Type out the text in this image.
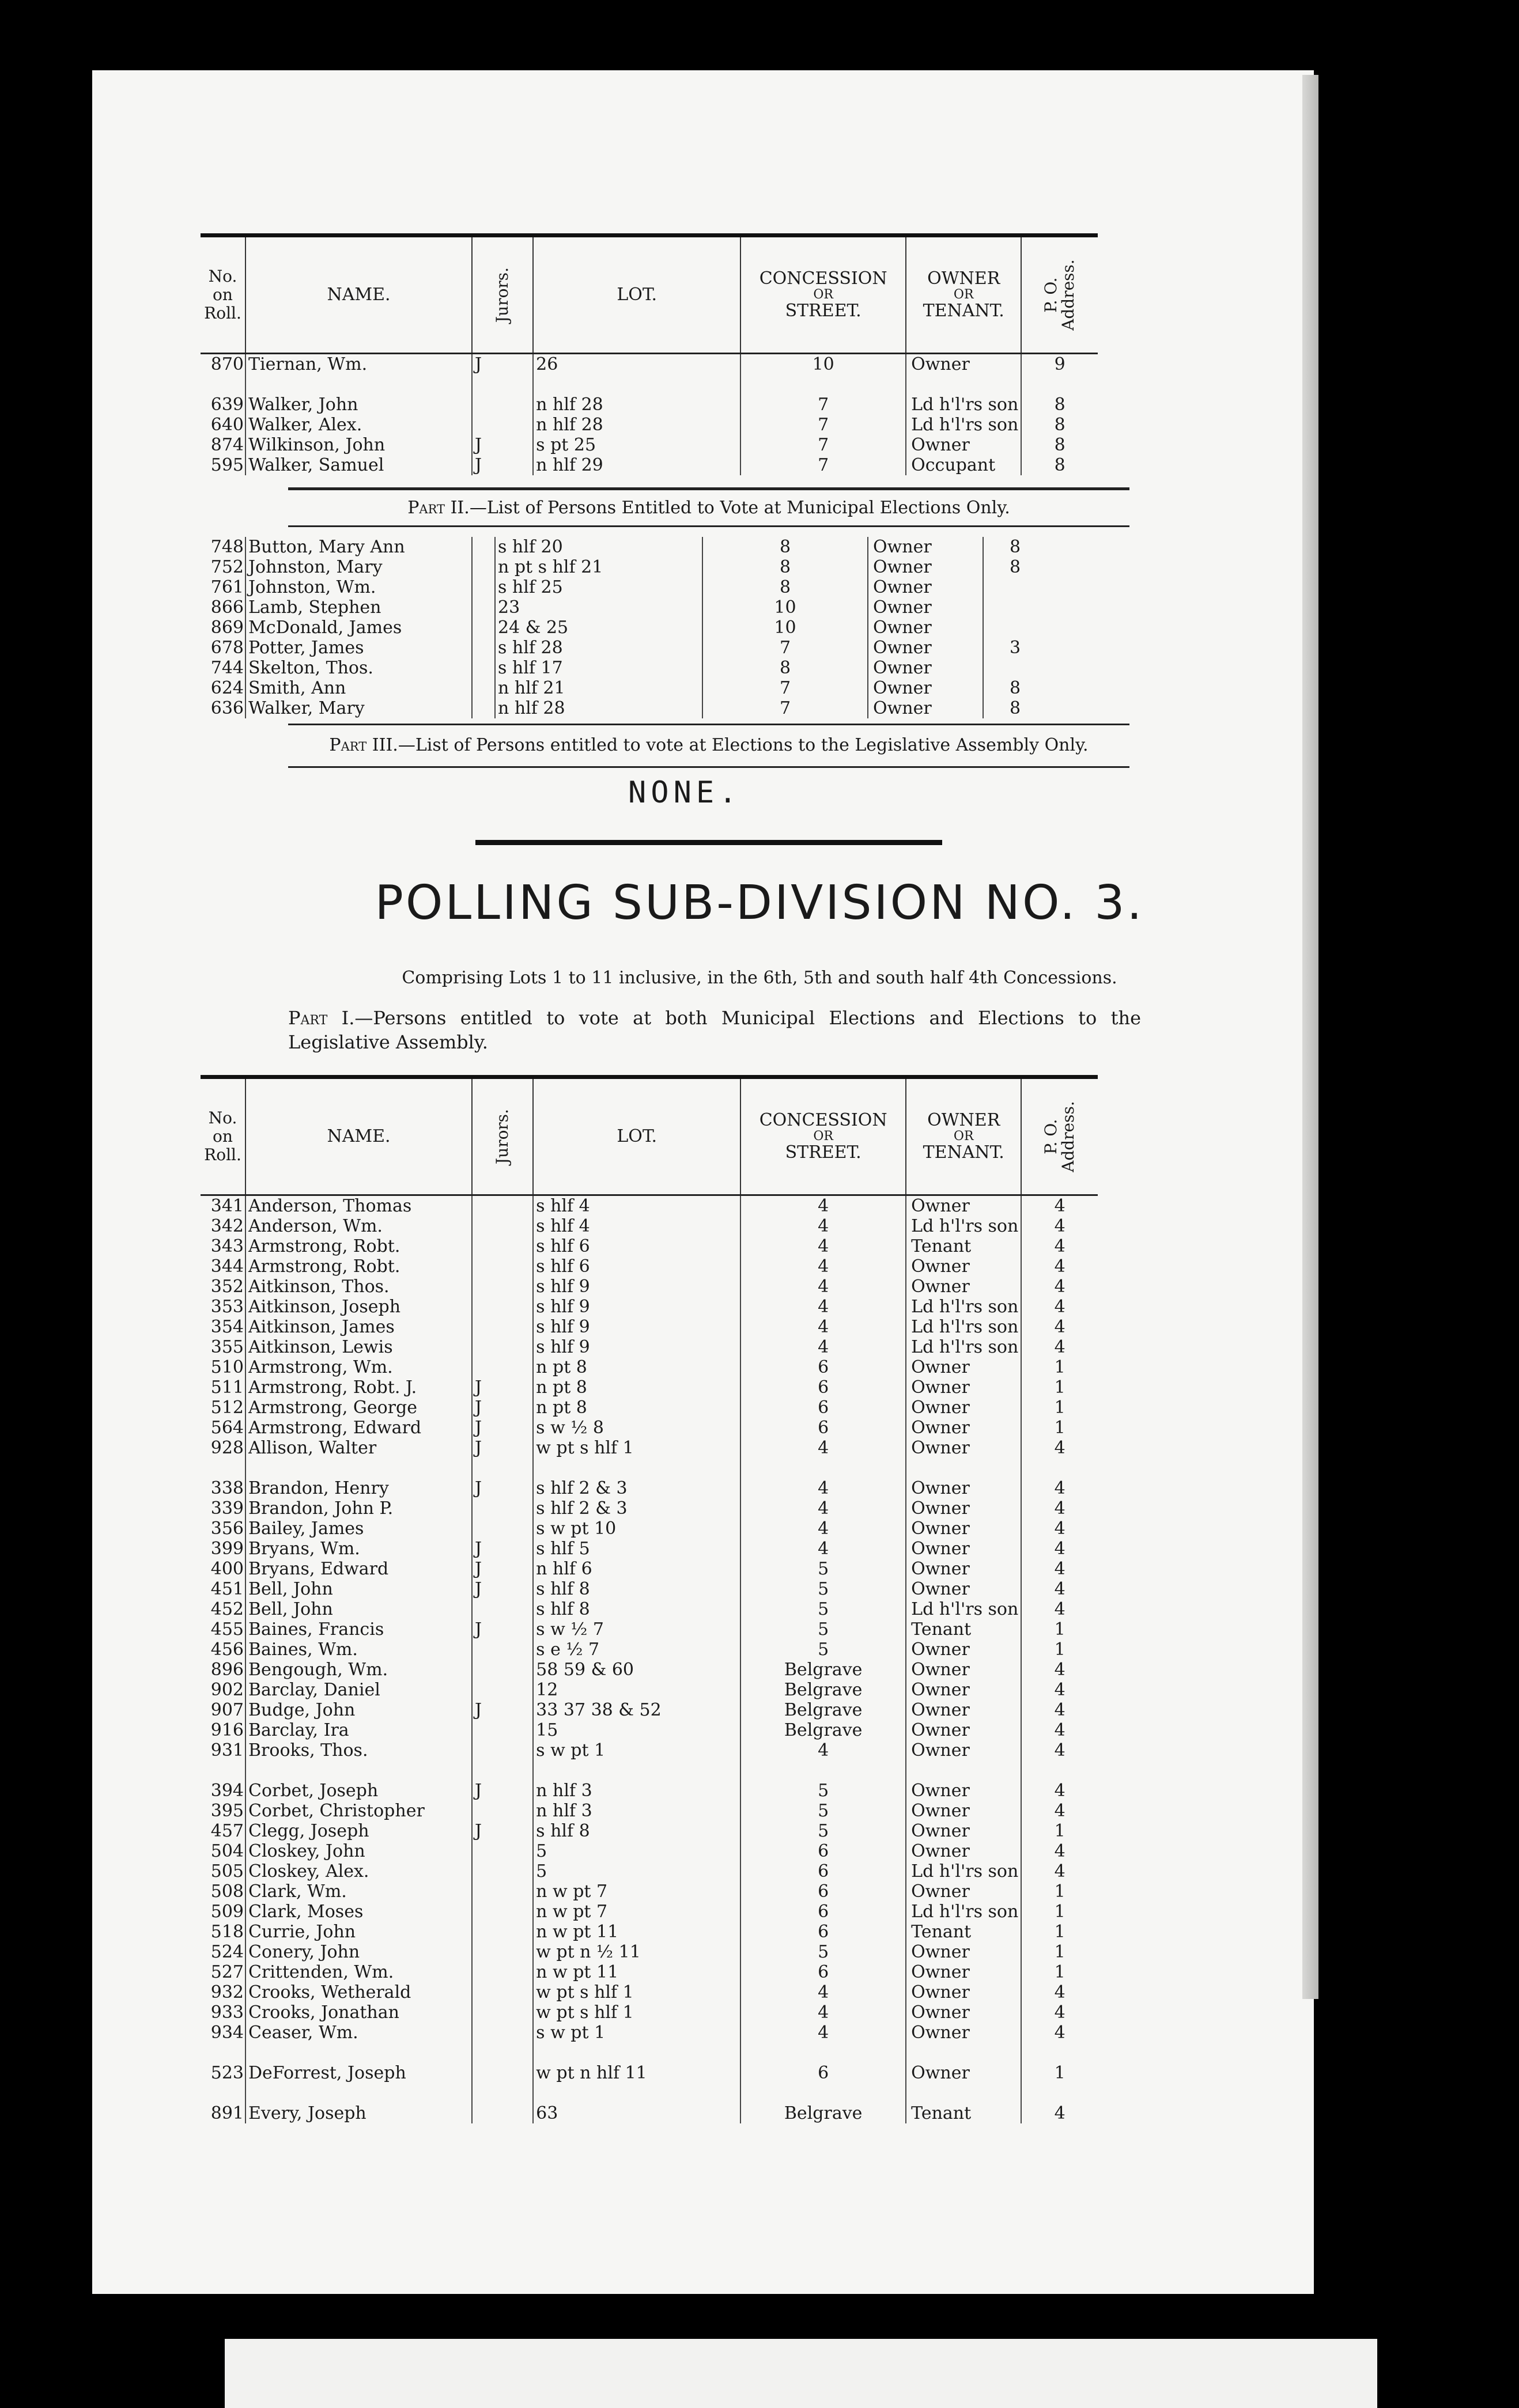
No. on Roll.	NAME.	Jurors.	LOT.	CONCESSION
OR
STREET.	OWNER
OR
TENANT.	P. O.
Address.
870	Tiernan, Wm.	J	26	10	Owner	9

639	Walker, John		n hlf 28	7	Ld h'l'rs son	8
640	Walker, Alex.		n hlf 28	7	Ld h'l'rs son	8
874	Wilkinson, John	J	s pt 25	7	Owner	8
595	Walker, Samuel	J	n hlf 29	7	Occupant	8
Part II.—List of Persons Entitled to Vote at Municipal Elections Only.
748	Button, Mary Ann		s hlf 20	8	Owner	8
752	Johnston, Mary		n pt s hlf 21	8	Owner	8
761	Johnston, Wm.		s hlf 25	8	Owner	
866	Lamb, Stephen		23	10	Owner	
869	McDonald, James		24 & 25	10	Owner	
678	Potter, James		s hlf 28	7	Owner	3
744	Skelton, Thos.		s hlf 17	8	Owner	
624	Smith, Ann		n hlf 21	7	Owner	8
636	Walker, Mary		n hlf 28	7	Owner	8
Part III.—List of Persons entitled to vote at Elections to the Legislative Assembly Only.
NONE.
POLLING SUB-DIVISION NO. 3.
Comprising Lots 1 to 11 inclusive, in the 6th, 5th and south half 4th Concessions.
Part I.—Persons entitled to vote at both Municipal Elections and Elections to the Legislative Assembly.
No. on Roll.	NAME.	Jurors.	LOT.	CONCESSION
OR
STREET.	OWNER
OR
TENANT.	P. O.
Address.
341	Anderson, Thomas		s hlf 4	4	Owner	4
342	Anderson, Wm.		s hlf 4	4	Ld h'l'rs son	4
343	Armstrong, Robt.		s hlf 6	4	Tenant	4
344	Armstrong, Robt.		s hlf 6	4	Owner	4
352	Aitkinson, Thos.		s hlf 9	4	Owner	4
353	Aitkinson, Joseph		s hlf 9	4	Ld h'l'rs son	4
354	Aitkinson, James		s hlf 9	4	Ld h'l'rs son	4
355	Aitkinson, Lewis		s hlf 9	4	Ld h'l'rs son	4
510	Armstrong, Wm.		n pt 8	6	Owner	1
511	Armstrong, Robt. J.	J	n pt 8	6	Owner	1
512	Armstrong, George	J	n pt 8	6	Owner	1
564	Armstrong, Edward	J	s w ½ 8	6	Owner	1
928	Allison, Walter	J	w pt s hlf 1	4	Owner	4

338	Brandon, Henry	J	s hlf 2 & 3	4	Owner	4
339	Brandon, John P.		s hlf 2 & 3	4	Owner	4
356	Bailey, James		s w pt 10	4	Owner	4
399	Bryans, Wm.	J	s hlf 5	4	Owner	4
400	Bryans, Edward	J	n hlf 6	5	Owner	4
451	Bell, John	J	s hlf 8	5	Owner	4
452	Bell, John		s hlf 8	5	Ld h'l'rs son	4
455	Baines, Francis	J	s w ½ 7	5	Tenant	1
456	Baines, Wm.		s e ½ 7	5	Owner	1
896	Bengough, Wm.		58 59 & 60	Belgrave	Owner	4
902	Barclay, Daniel		12	Belgrave	Owner	4
907	Budge, John	J	33 37 38 & 52	Belgrave	Owner	4
916	Barclay, Ira		15	Belgrave	Owner	4
931	Brooks, Thos.		s w pt 1	4	Owner	4

394	Corbet, Joseph	J	n hlf 3	5	Owner	4
395	Corbet, Christopher		n hlf 3	5	Owner	4
457	Clegg, Joseph	J	s hlf 8	5	Owner	1
504	Closkey, John		5	6	Owner	4
505	Closkey, Alex.		5	6	Ld h'l'rs son	4
508	Clark, Wm.		n w pt 7	6	Owner	1
509	Clark, Moses		n w pt 7	6	Ld h'l'rs son	1
518	Currie, John		n w pt 11	6	Tenant	1
524	Conery, John		w pt n ½ 11	5	Owner	1
527	Crittenden, Wm.		n w pt 11	6	Owner	1
932	Crooks, Wetherald		w pt s hlf 1	4	Owner	4
933	Crooks, Jonathan		w pt s hlf 1	4	Owner	4
934	Ceaser, Wm.		s w pt 1	4	Owner	4

523	DeForrest, Joseph		w pt n hlf 11	6	Owner	1

891	Every, Joseph		63	Belgrave	Tenant	4
